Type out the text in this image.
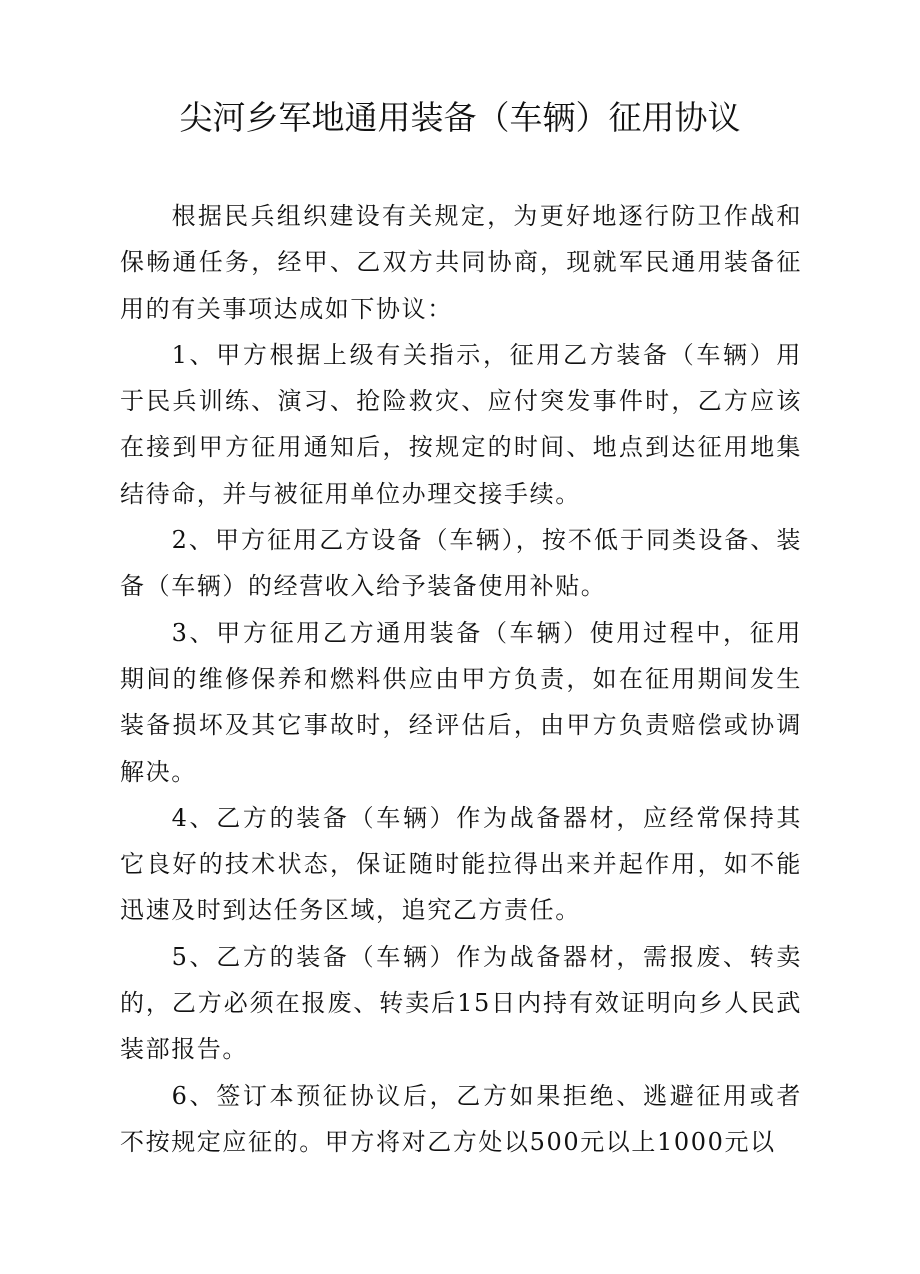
尖河乡军地通用装备（车辆）征用协议

根据民兵组织建设有关规定，为更好地逐行防卫作战和保畅通任务，经甲、乙双方共同协商，现就军民通用装备征用的有关事项达成如下协议：

1、甲方根据上级有关指示，征用乙方装备（车辆）用于民兵训练、演习、抢险救灾、应付突发事件时，乙方应该在接到甲方征用通知后，按规定的时间、地点到达征用地集结待命，并与被征用单位办理交接手续。

2、甲方征用乙方设备（车辆），按不低于同类设备、装备（车辆）的经营收入给予装备使用补贴。

3、甲方征用乙方通用装备（车辆）使用过程中，征用期间的维修保养和燃料供应由甲方负责，如在征用期间发生装备损坏及其它事故时，经评估后，由甲方负责赔偿或协调解决。

4、乙方的装备（车辆）作为战备器材，应经常保持其它良好的技术状态，保证随时能拉得出来并起作用，如不能迅速及时到达任务区域，追究乙方责任。

5、乙方的装备（车辆）作为战备器材，需报废、转卖的，乙方必须在报废、转卖后15日内持有效证明向乡人民武装部报告。

6、签订本预征协议后，乙方如果拒绝、逃避征用或者不按规定应征的。甲方将对乙方处以500元以上1000元以
